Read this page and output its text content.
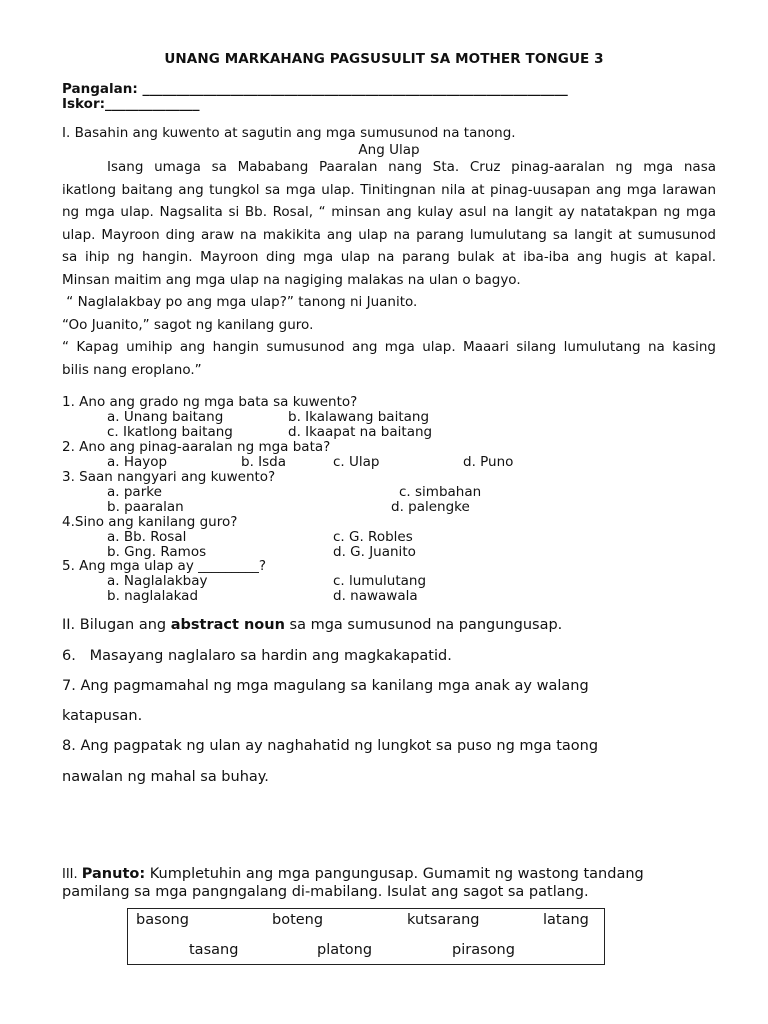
UNANG MARKAHANG PAGSUSULIT SA MOTHER TONGUE 3
Pangalan: _______________________________________________________________
Iskor:______________
I. Basahin ang kuwento at sagutin ang mga sumusunod na tanong.
Ang Ulap
Isang umaga sa Mababang Paaralan nang Sta. Cruz pinag-aaralan ng mga nasa
ikatlong baitang ang tungkol sa mga ulap. Tinitingnan nila at pinag-uusapan ang mga larawan
ng mga ulap. Nagsalita si Bb. Rosal, “ minsan ang kulay asul na langit ay natatakpan ng mga
ulap. Mayroon ding araw na makikita ang ulap na parang lumulutang sa langit at sumusunod
sa ihip ng hangin. Mayroon ding mga ulap na parang bulak at iba-iba ang hugis at kapal.
Minsan maitim ang mga ulap na nagiging malakas na ulan o bagyo.
“ Naglalakbay po ang mga ulap?” tanong ni Juanito.
“Oo Juanito,” sagot ng kanilang guro.
“ Kapag umihip ang hangin sumusunod ang mga ulap. Maaari silang lumulutang na kasing
bilis nang eroplano.”
1. Ano ang grado ng mga bata sa kuwento?
a. Unang baitang	b. Ikalawang baitang
c. Ikatlong baitang	d. Ikaapat na baitang
2. Ano ang pinag-aaralan ng mga bata?
a. Hayop	b. Isda	c. Ulap	d. Puno
3. Saan nangyari ang kuwento?
a. parke	c. simbahan
b. paaralan	d. palengke
4.Sino ang kanilang guro?
a. Bb. Rosal	c. G. Robles
b. Gng. Ramos	d. G. Juanito
5. Ang mga ulap ay _________?
a. Naglalakbay	c. lumulutang
b. naglalakad	d. nawawala
II. Bilugan ang abstract noun sa mga sumusunod na pangungusap.
6.   Masayang naglalaro sa hardin ang magkakapatid.
7. Ang pagmamahal ng mga magulang sa kanilang mga anak ay walang
katapusan.
8. Ang pagpatak ng ulan ay naghahatid ng lungkot sa puso ng mga taong
nawalan ng mahal sa buhay.
III. Panuto: Kumpletuhin ang mga pangungusap. Gumamit ng wastong tandang
pamilang sa mga pangngalang di-mabilang. Isulat ang sagot sa patlang.
basong	boteng	kutsarang	latang
tasang	platong	pirasong
